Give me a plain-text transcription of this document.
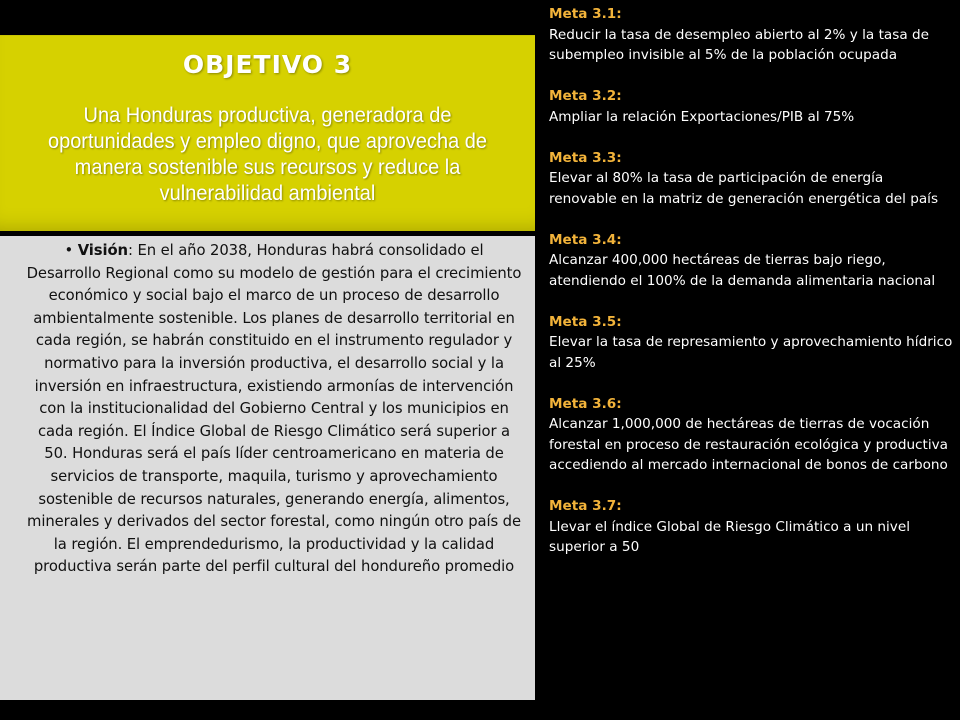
OBJETIVO 3
Una Honduras productiva, generadora de oportunidades y empleo digno, que aprovecha de manera sostenible sus recursos y reduce la vulnerabilidad ambiental
• Visión: En el año 2038, Honduras habrá consolidado el Desarrollo Regional como su modelo de gestión para el crecimiento económico y social bajo el marco de un proceso de desarrollo ambientalmente sostenible. Los planes de desarrollo territorial en cada región, se habrán constituido en el instrumento regulador y normativo para la inversión productiva, el desarrollo social y la inversión en infraestructura, existiendo armonías de intervención con la institucionalidad del Gobierno Central y los municipios en cada región. El Índice Global de Riesgo Climático será superior a 50. Honduras será el país líder centroamericano en materia de servicios de transporte, maquila, turismo y aprovechamiento sostenible de recursos naturales, generando energía, alimentos, minerales y derivados del sector forestal, como ningún otro país de la región. El emprendedurismo, la productividad y la calidad productiva serán parte del perfil cultural del hondureño promedio
Meta 3.1:
Reducir la tasa de desempleo abierto al 2% y la tasa de subempleo invisible al 5% de la población ocupada
Meta 3.2:
Ampliar la relación Exportaciones/PIB al 75%
Meta 3.3:
Elevar al 80% la tasa de participación de energía renovable en la matriz de generación energética del país
Meta 3.4:
Alcanzar 400,000 hectáreas de tierras bajo riego, atendiendo el 100% de la demanda alimentaria nacional
Meta 3.5:
Elevar la tasa de represamiento y aprovechamiento hídrico al 25%
Meta 3.6:
Alcanzar 1,000,000 de hectáreas de tierras de vocación forestal en proceso de restauración ecológica y productiva accediendo al mercado internacional de bonos de carbono
Meta 3.7:
Llevar el índice Global de Riesgo Climático a un nivel superior a 50
